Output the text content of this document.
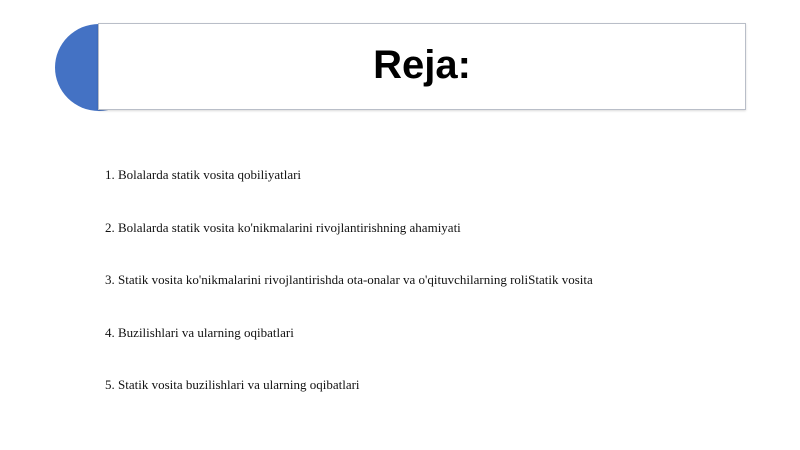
Reja:
1. Bolalarda statik vosita qobiliyatlari
2. Bolalarda statik vosita ko'nikmalarini rivojlantirishning ahamiyati
3. Statik vosita ko'nikmalarini rivojlantirishda ota-onalar va o'qituvchilarning roliStatik vosita
4. Buzilishlari va ularning oqibatlari
5. Statik vosita buzilishlari va ularning oqibatlari
